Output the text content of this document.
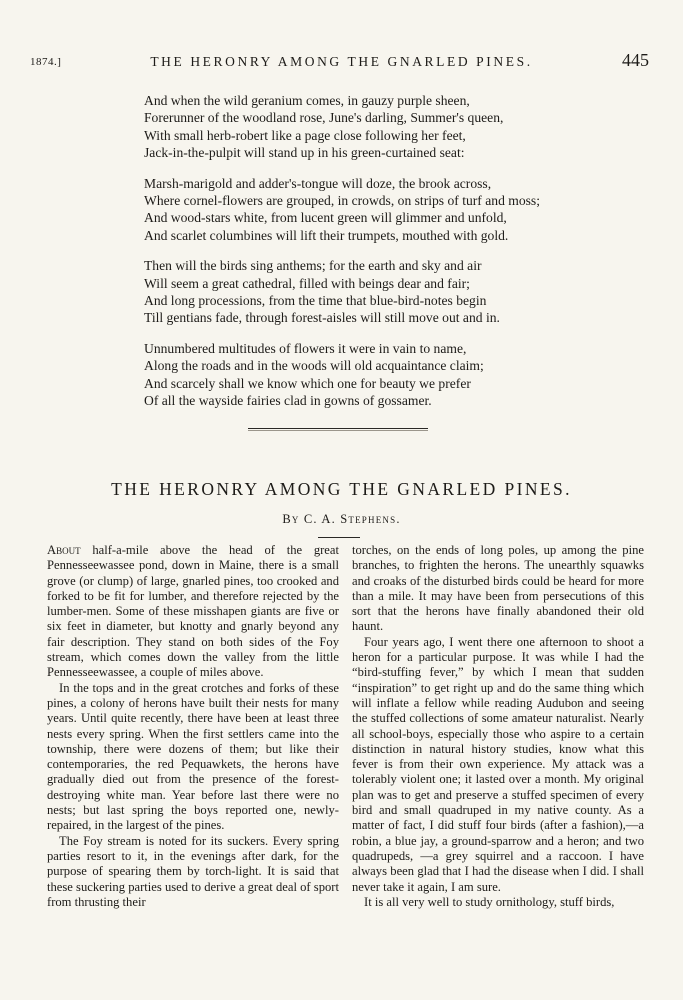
1874.]	THE HERONRY AMONG THE GNARLED PINES.	445
And when the wild geranium comes, in gauzy purple sheen,
Forerunner of the woodland rose, June's darling, Summer's queen,
With small herb-robert like a page close following her feet,
Jack-in-the-pulpit will stand up in his green-curtained seat:
Marsh-marigold and adder's-tongue will doze, the brook across,
Where cornel-flowers are grouped, in crowds, on strips of turf and moss;
And wood-stars white, from lucent green will glimmer and unfold,
And scarlet columbines will lift their trumpets, mouthed with gold.
Then will the birds sing anthems; for the earth and sky and air
Will seem a great cathedral, filled with beings dear and fair;
And long processions, from the time that blue-bird-notes begin
Till gentians fade, through forest-aisles will still move out and in.
Unnumbered multitudes of flowers it were in vain to name,
Along the roads and in the woods will old acquaintance claim;
And scarcely shall we know which one for beauty we prefer
Of all the wayside fairies clad in gowns of gossamer.
THE HERONRY AMONG THE GNARLED PINES.
By C. A. Stephens.

About half-a-mile above the head of the great Pennesseewassee pond, down in Maine, there is a small grove (or clump) of large, gnarled pines, too crooked and forked to be fit for lumber, and therefore rejected by the lumber-men. Some of these misshapen giants are five or six feet in diameter, but knotty and gnarly beyond any fair description. They stand on both sides of the Foy stream, which comes down the valley from the little Pennesseewassee, a couple of miles above.

In the tops and in the great crotches and forks of these pines, a colony of herons have built their nests for many years. Until quite recently, there have been at least three nests every spring. When the first settlers came into the township, there were dozens of them; but like their contemporaries, the red Pequawkets, the herons have gradually died out from the presence of the forest-destroying white man. Year before last there were no nests; but last spring the boys reported one, newly-repaired, in the largest of the pines.

The Foy stream is noted for its suckers. Every spring parties resort to it, in the evenings after dark, for the purpose of spearing them by torch-light. It is said that these suckering parties used to derive a great deal of sport from thrusting their

torches, on the ends of long poles, up among the pine branches, to frighten the herons. The unearthly squawks and croaks of the disturbed birds could be heard for more than a mile. It may have been from persecutions of this sort that the herons have finally abandoned their old haunt.

Four years ago, I went there one afternoon to shoot a heron for a particular purpose. It was while I had the “bird-stuffing fever,” by which I mean that sudden “inspiration” to get right up and do the same thing which will inflate a fellow while reading Audubon and seeing the stuffed collections of some amateur naturalist. Nearly all school-boys, especially those who aspire to a certain distinction in natural history studies, know what this fever is from their own experience. My attack was a tolerably violent one; it lasted over a month. My original plan was to get and preserve a stuffed specimen of every bird and small quadruped in my native county. As a matter of fact, I did stuff four birds (after a fashion),—a robin, a blue jay, a ground-sparrow and a heron; and two quadrupeds, —a grey squirrel and a raccoon. I have always been glad that I had the disease when I did. I shall never take it again, I am sure.

It is all very well to study ornithology, stuff birds,
